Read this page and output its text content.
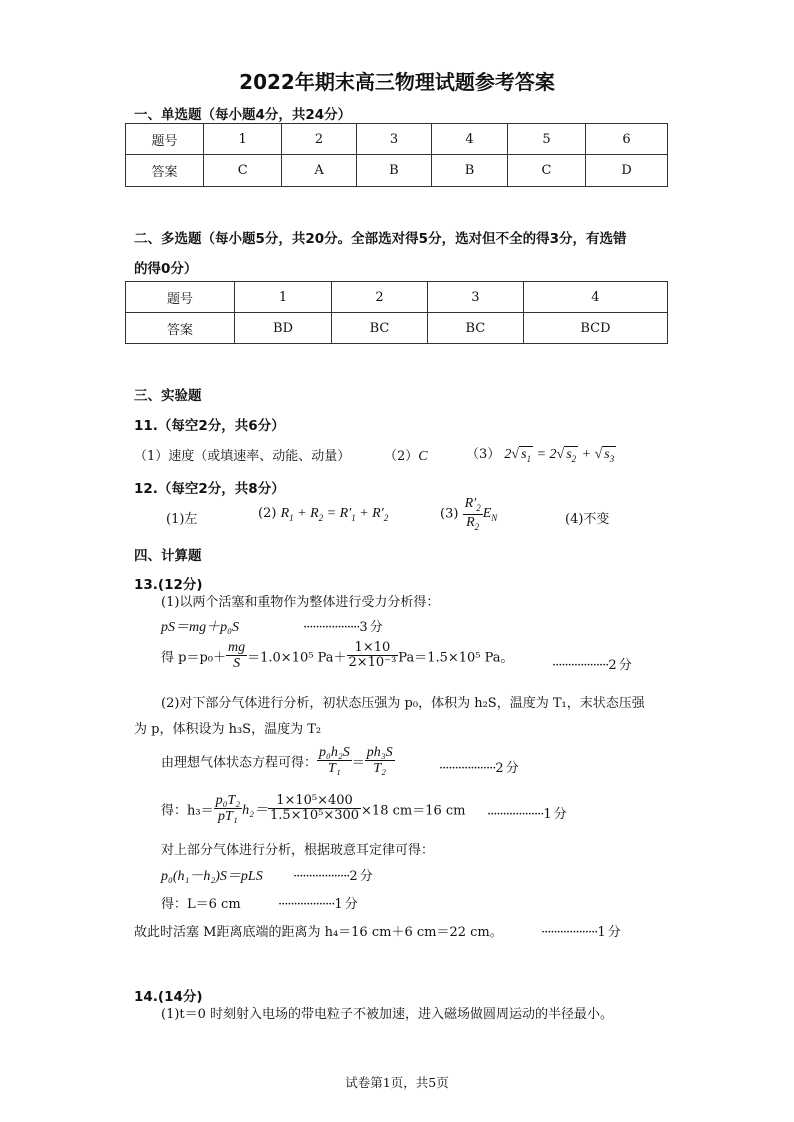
2022年期末高三物理试题参考答案
一、单选题（每小题4分，共24分）
题号	1	2	3	4	5	6
答案	C	A	B	B	C	D
二、多选题（每小题5分，共20分。全部选对得5分，选对但不全的得3分，有选错
的得0分）
题号	1	2	3	4
答案	BD	BC	BC	BCD
三、实验题
11.（每空2分，共6分）
（1）速度（或填速率、动能、动量）	（2）C	（3） 2√ $s_1 = 2√$ $s_2$ + √ $s_3$
12.（每空2分，共8分）
(1)左	(2) $R_1 + R_2 = R'_1 + R'_2$	$(3) \frac{R'_2}{R_2} E_N$	(4)不变
四、计算题
13.(12分)
(1)以两个活塞和重物作为整体进行受力分析得：
pS＝mg＋p₀S	··················3 分
得 $p=p_0+ \frac{mg}{S} =1.0\times 10^5$ $Pa+ \frac{1\times 10}{\text{2×10⁻³}} Pa=1.5\times 10^5$ Pa。
··················2 分
(2)对下部分气体进行分析，初状态压强为 p₀，体积为 h₂S，温度为 T₁，末状态压强
为 p，体积设为 h₃S，温度为 T₂
由理想气体状态方程可得： $\frac{\text{p₀h₂S}}{\text{T₁}} = \frac{\text{ph₃S}}{\text{T₂}}$	··················2 分
得：$h_3= \frac{\text{p₀T₂}}{\text{pT₁}} h_2= \frac{\text{1×10⁵×400}}{\text{1.5×10⁵×300}} \times 18$ cm＝16 cm ··················1 分
对上部分气体进行分析，根据玻意耳定律可得：
p₀(h₁－h₂)S＝pLS ··················2 分
得：L＝6 cm	··················1 分
故此时活塞 M距离底端的距离为 h₄＝16 cm＋6 cm＝22 cm。	··················1 分
14.(14分)
(1)t＝0 时刻射入电场的带电粒子不被加速，进入磁场做圆周运动的半径最小。
试卷第1页，共5页
